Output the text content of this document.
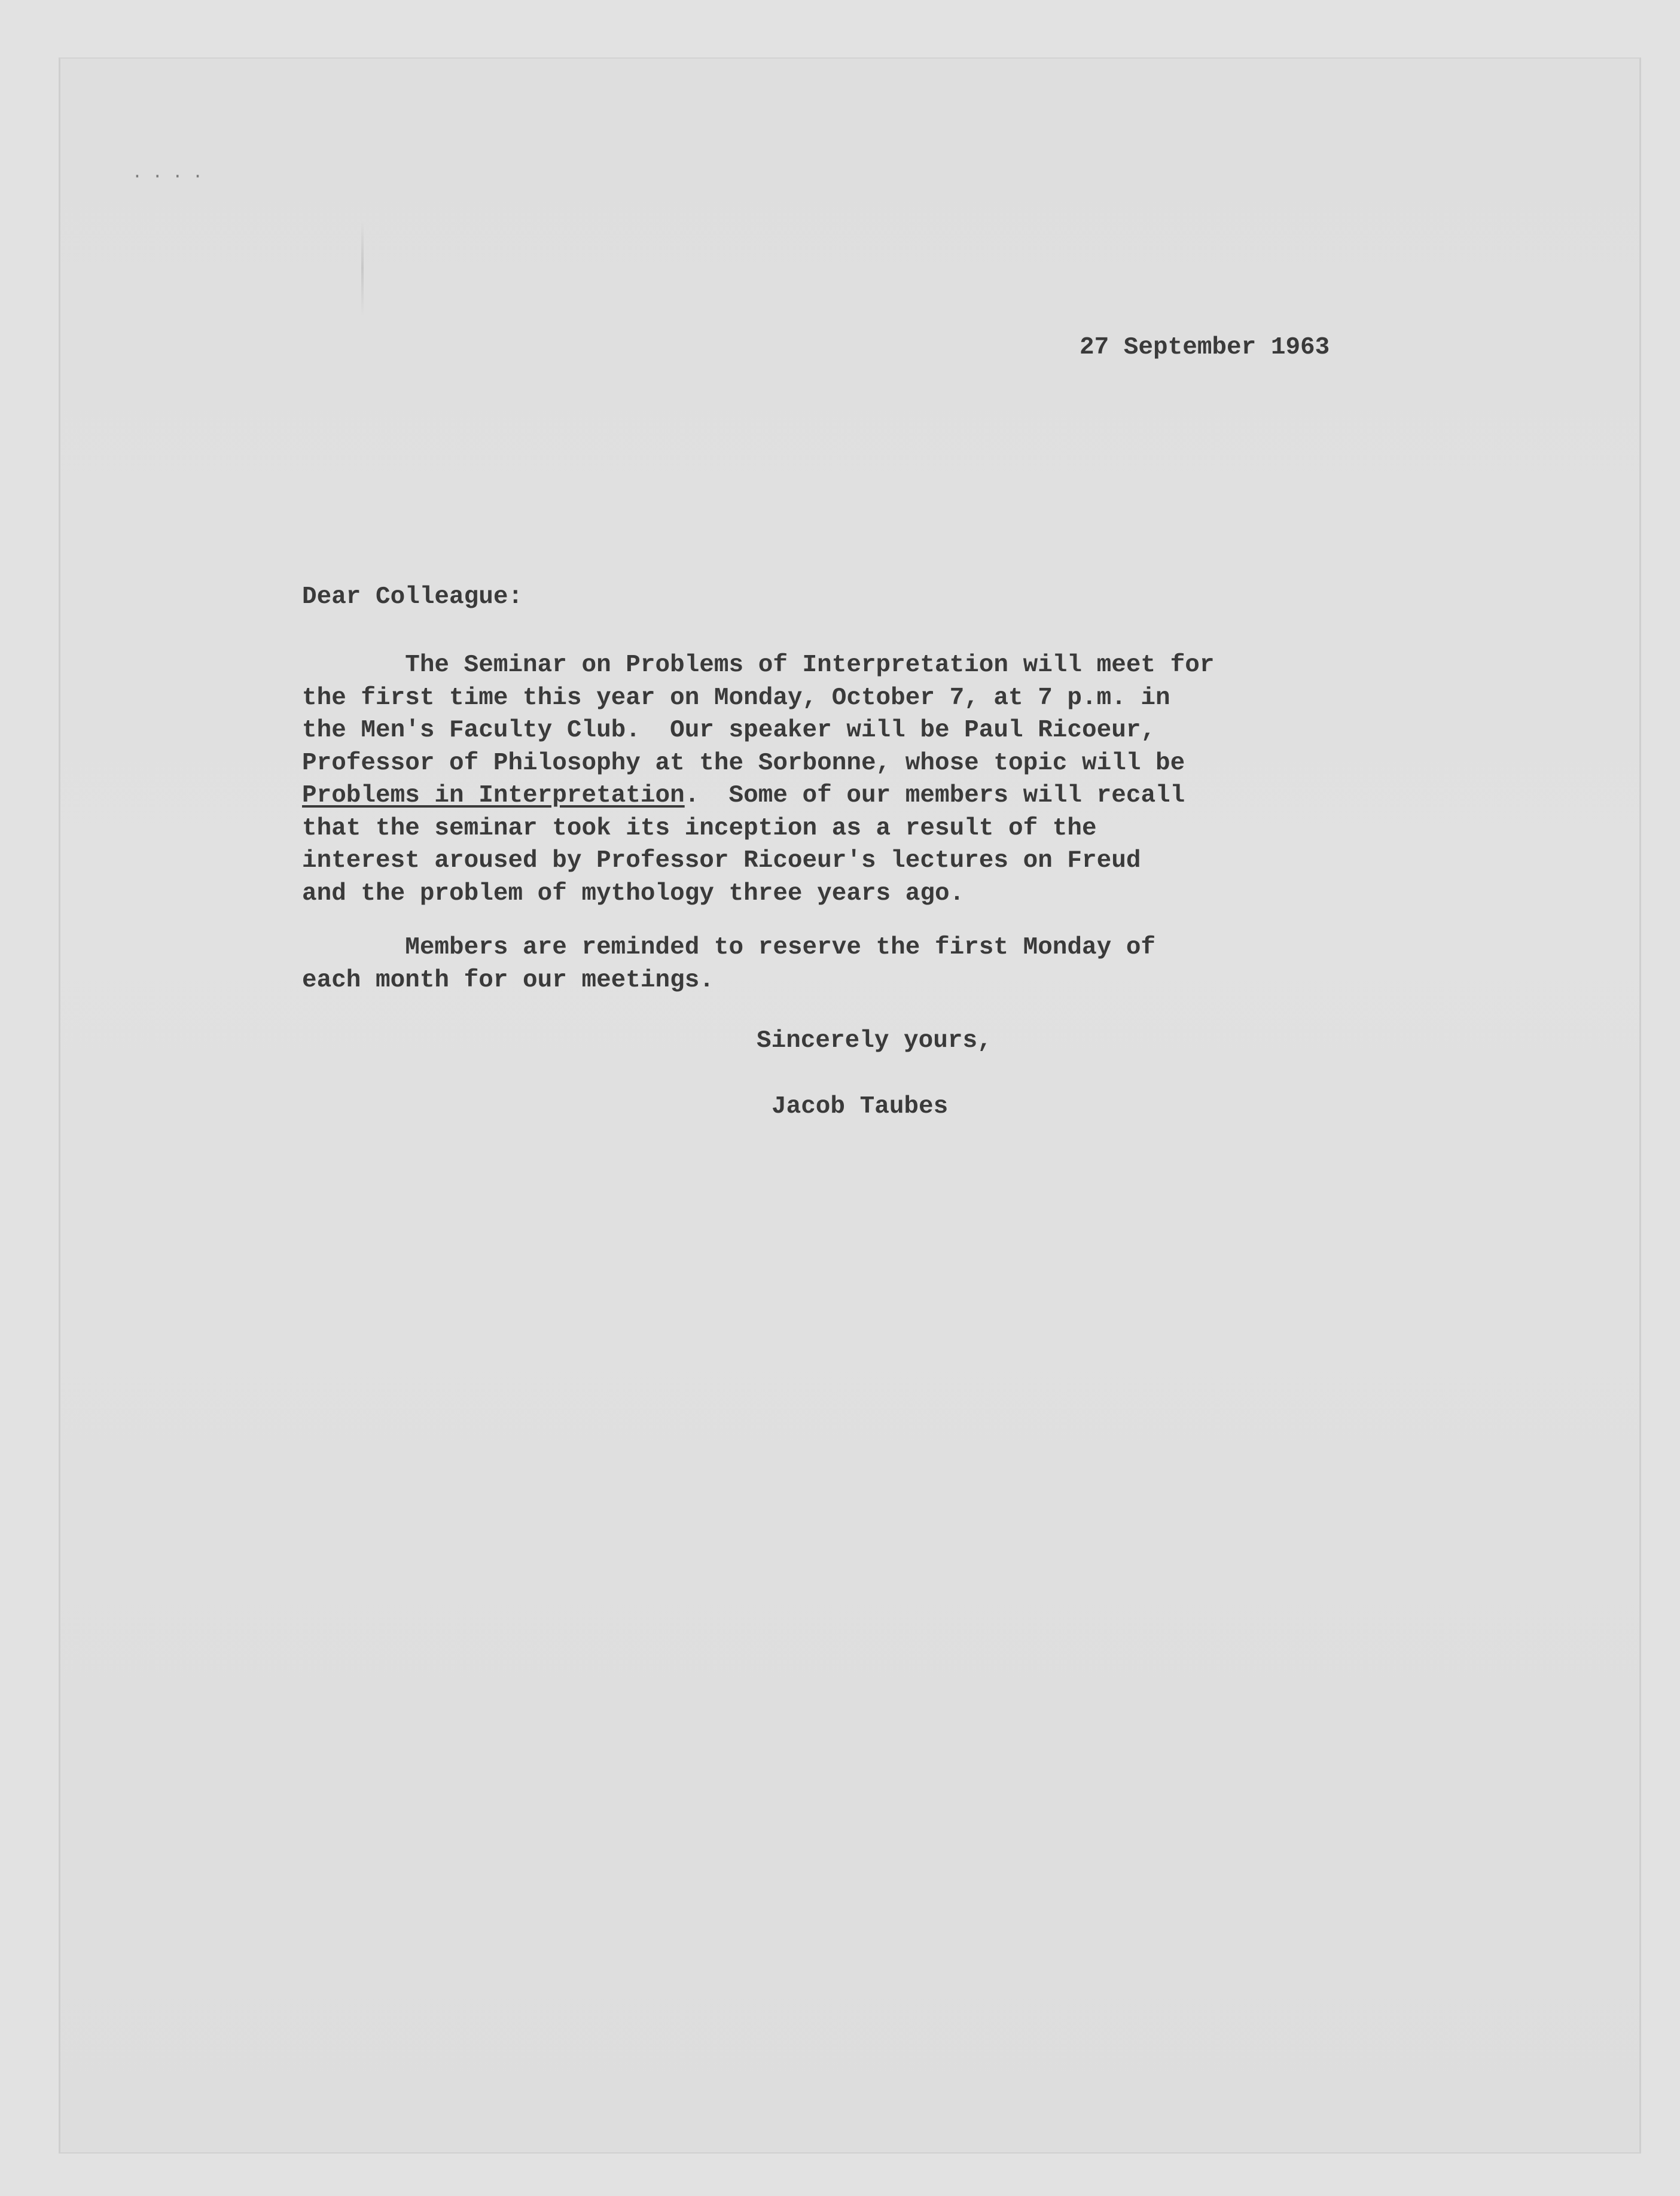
· · · ·
27 September 1963
Dear Colleague:
The Seminar on Problems of Interpretation will meet for
the first time this year on Monday, October 7, at 7 p.m. in
the Men's Faculty Club.  Our speaker will be Paul Ricoeur,
Professor of Philosophy at the Sorbonne, whose topic will be
Problems in Interpretation.  Some of our members will recall
that the seminar took its inception as a result of the
interest aroused by Professor Ricoeur's lectures on Freud
and the problem of mythology three years ago.
Members are reminded to reserve the first Monday of
each month for our meetings.
Sincerely yours,
Jacob Taubes
